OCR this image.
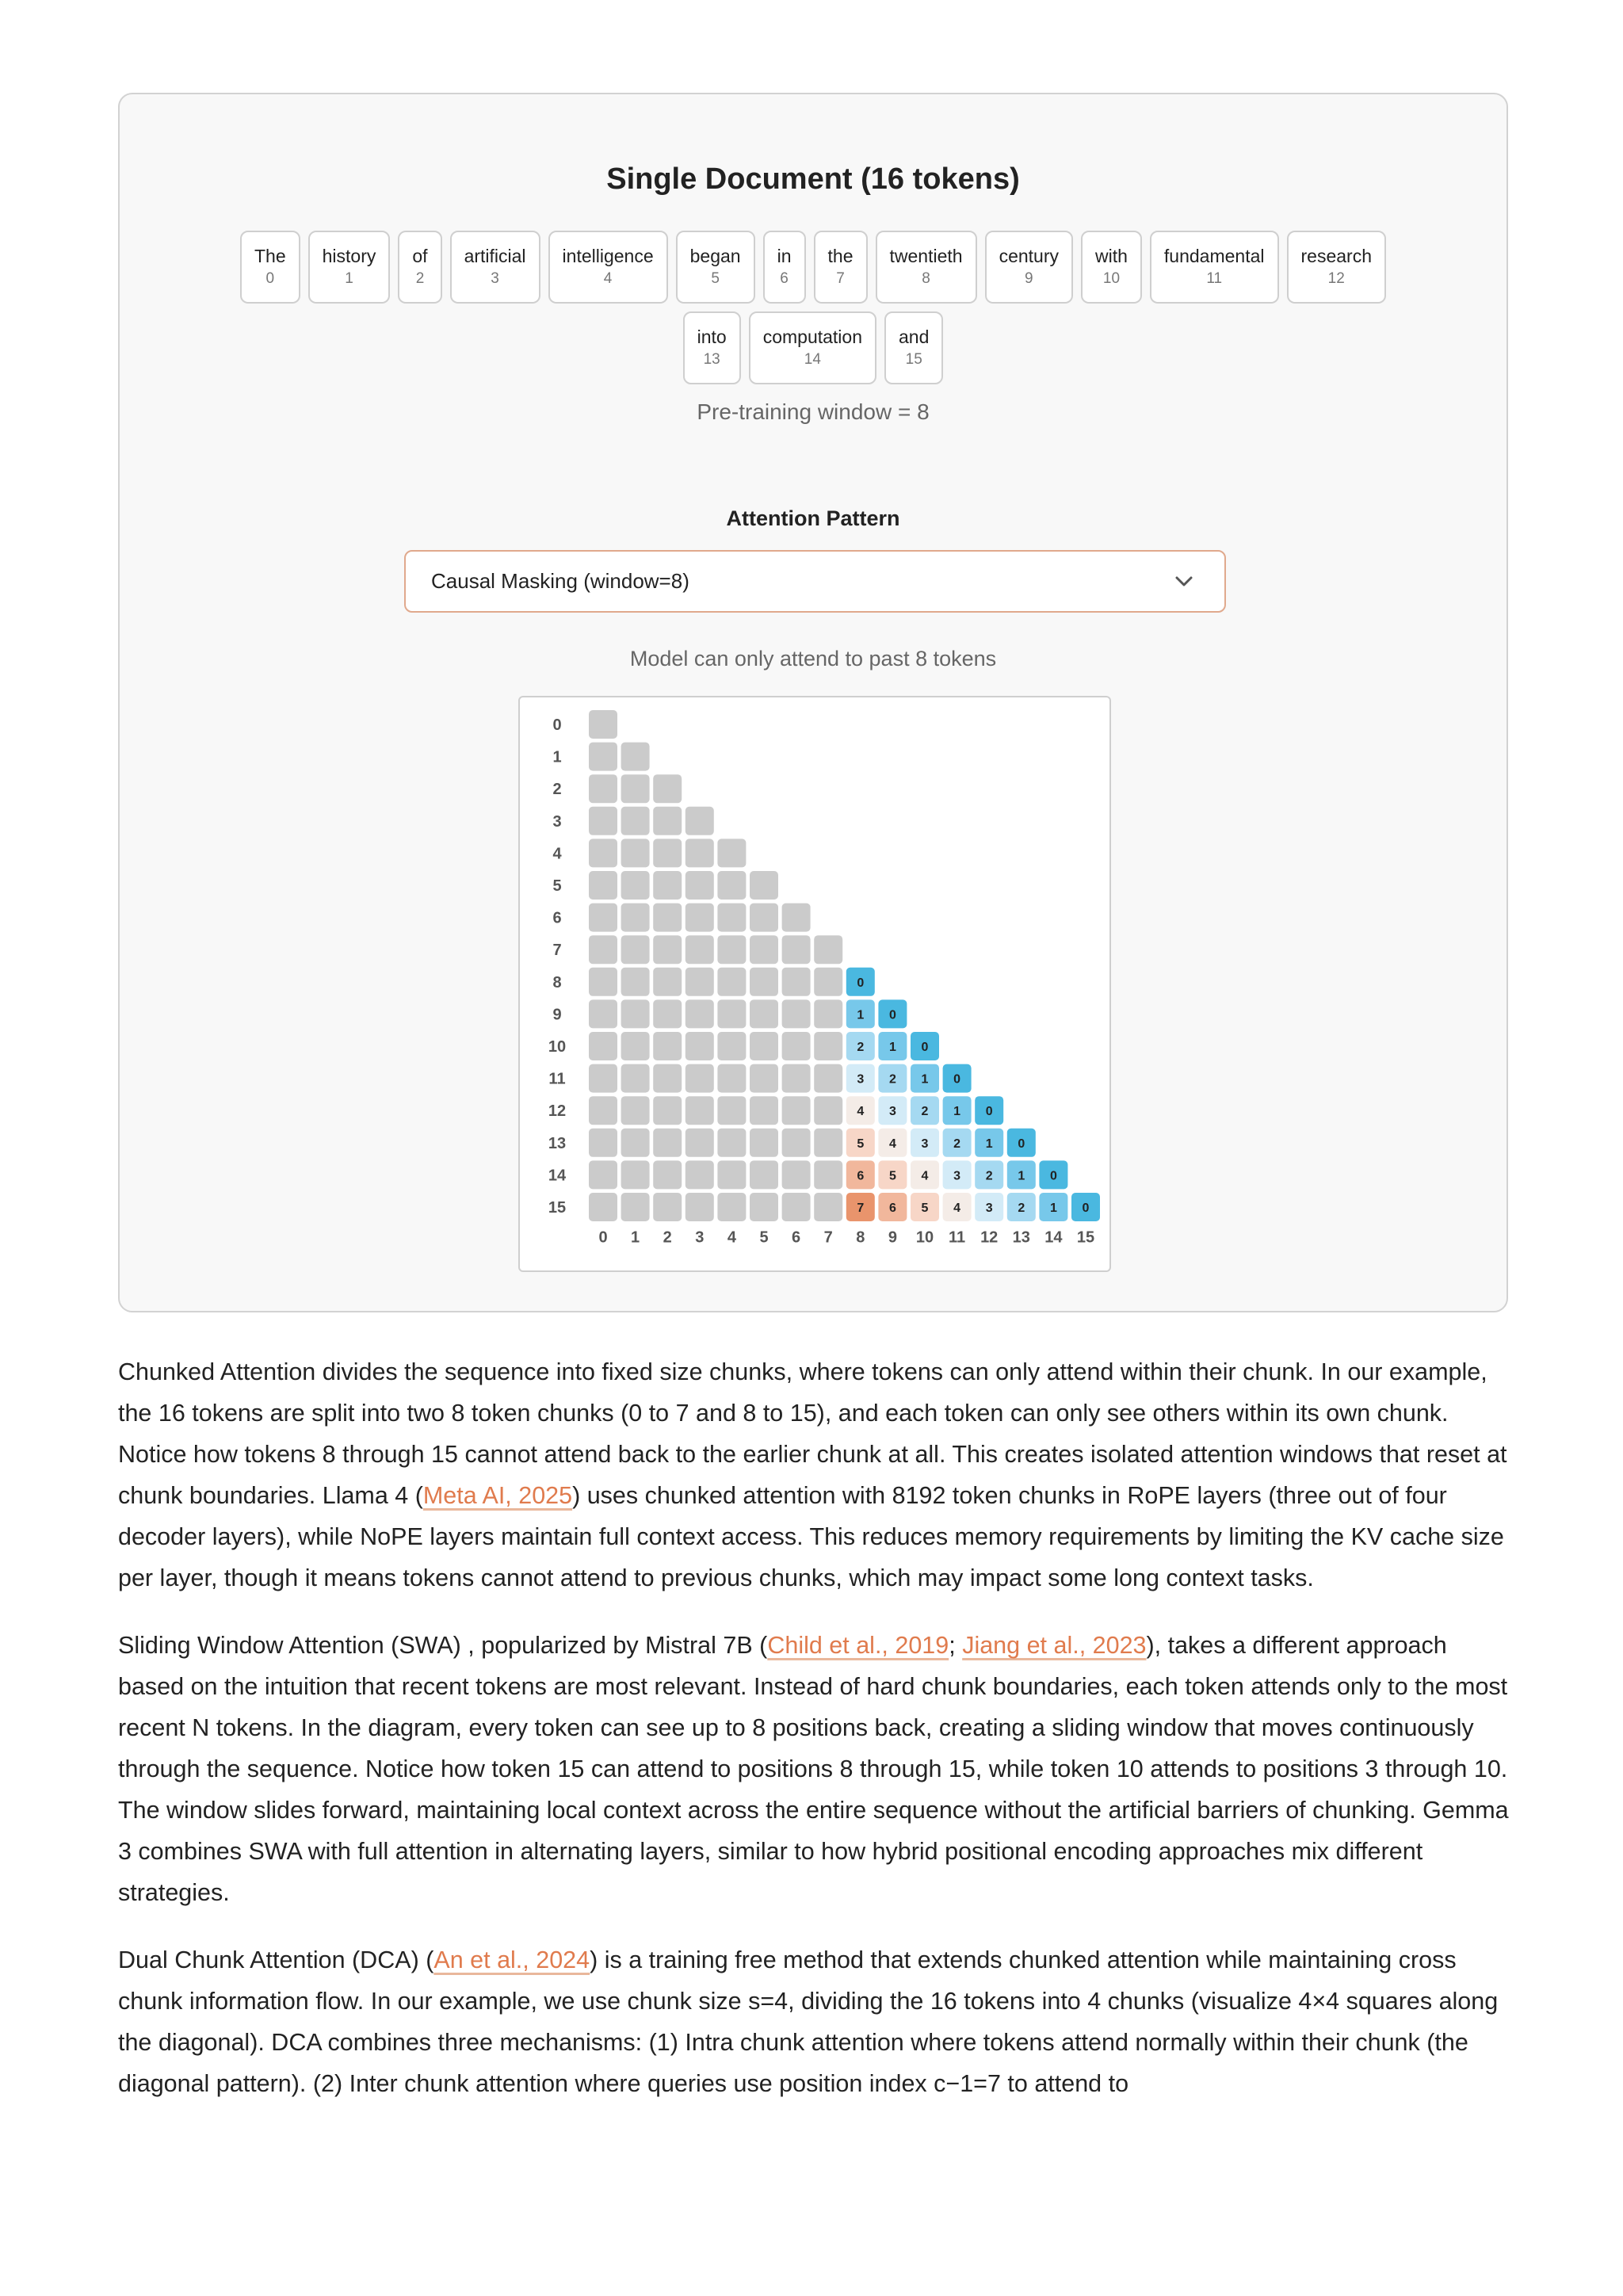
Single Document (16 tokens)
The
0
history
1
of
2
artificial
3
intelligence
4
began
5
in
6
the
7
twentieth
8
century
9
with
10
fundamental
11
research
12
into
13
computation
14
and
15
Pre-training window = 8
Attention Pattern
Causal Masking (window=8)
Model can only attend to past 8 tokens
0
1
2
3
4
5
6
7
8	0
9	1 0
10	2 1 0
11	3 2 1 0
12	4 3 2 1 0
13	5 4 3 2 1 0
14	6 5 4 3 2 1 0
15	7 6 5 4 3 2 1 0
0 1 2 3 4 5 6 7 8 9 10 11 12 13 14 15

Chunked Attention divides the sequence into fixed size chunks, where tokens can only attend within their chunk. In our example, the 16 tokens are split into two 8 token chunks (0 to 7 and 8 to 15), and each token can only see others within its own chunk. Notice how tokens 8 through 15 cannot attend back to the earlier chunk at all. This creates isolated attention windows that reset at chunk boundaries. Llama 4 (Meta AI, 2025) uses chunked attention with 8192 token chunks in RoPE layers (three out of four decoder layers), while NoPE layers maintain full context access. This reduces memory requirements by limiting the KV cache size per layer, though it means tokens cannot attend to previous chunks, which may impact some long context tasks.

Sliding Window Attention (SWA) , popularized by Mistral 7B (Child et al., 2019; Jiang et al., 2023), takes a different approach based on the intuition that recent tokens are most relevant. Instead of hard chunk boundaries, each token attends only to the most recent N tokens. In the diagram, every token can see up to 8 positions back, creating a sliding window that moves continuously through the sequence. Notice how token 15 can attend to positions 8 through 15, while token 10 attends to positions 3 through 10. The window slides forward, maintaining local context across the entire sequence without the artificial barriers of chunking. Gemma 3 combines SWA with full attention in alternating layers, similar to how hybrid positional encoding approaches mix different strategies.

Dual Chunk Attention (DCA) (An et al., 2024) is a training free method that extends chunked attention while maintaining cross chunk information flow. In our example, we use chunk size s=4, dividing the 16 tokens into 4 chunks (visualize 4×4 squares along the diagonal). DCA combines three mechanisms: (1) Intra chunk attention where tokens attend normally within their chunk (the diagonal pattern). (2) Inter chunk attention where queries use position index c−1=7 to attend to
